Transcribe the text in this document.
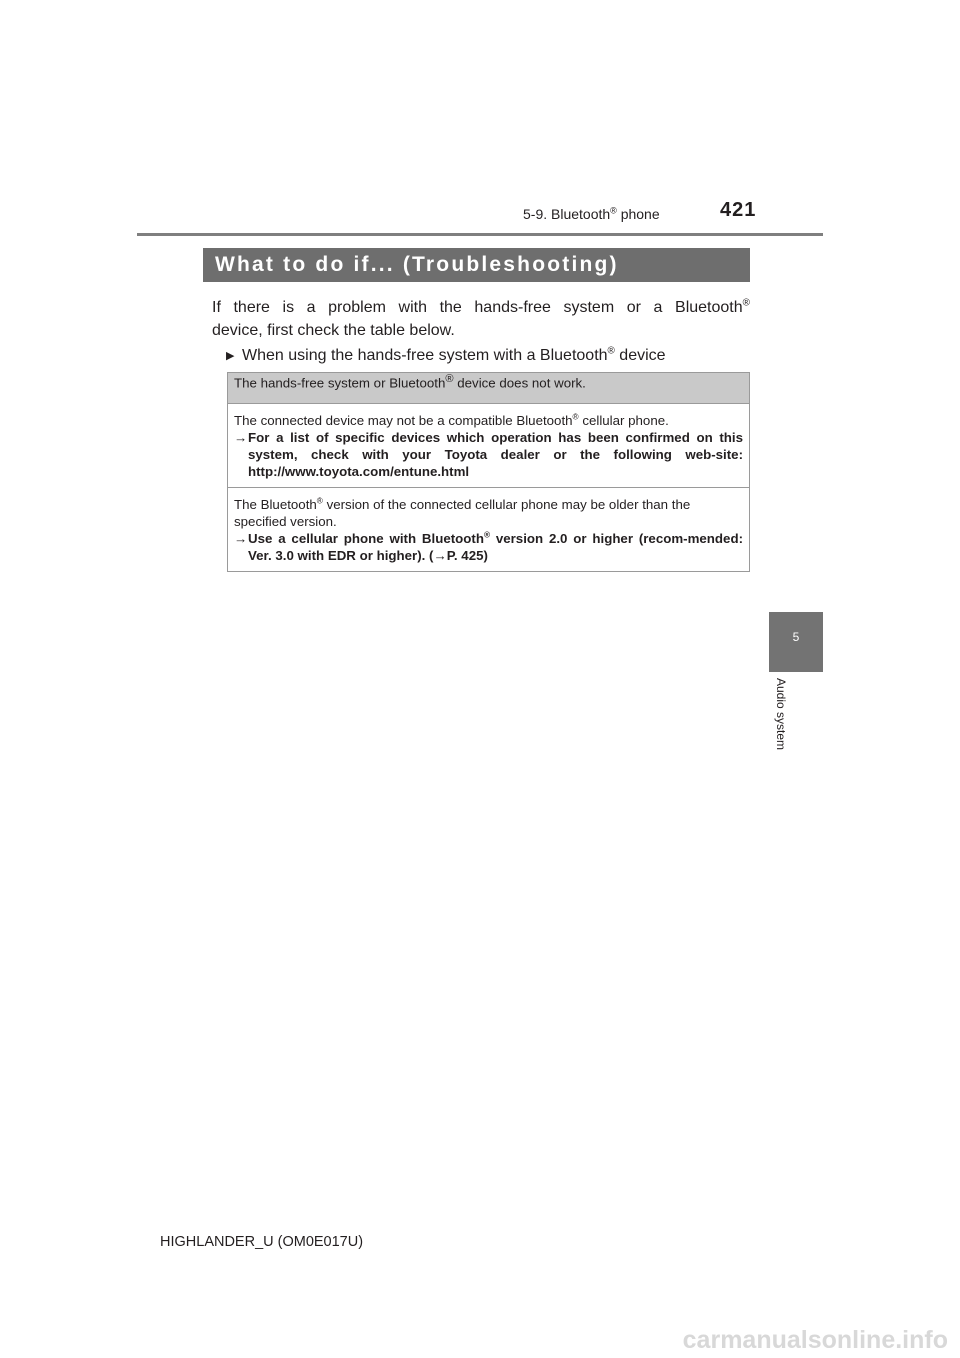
5-9. Bluetooth® phone	421
What to do if... (Troubleshooting)
If there is a problem with the hands-free system or a Bluetooth®
device, first check the table below.
▶ When using the hands-free system with a Bluetooth® device
The hands-free system or Bluetooth® device does not work.

The connected device may not be a compatible Bluetooth® cellular phone.
→ For a list of specific devices which operation has been confirmed on this system, check with your Toyota dealer or the following web-site: http://www.toyota.com/entune.html

The Bluetooth® version of the connected cellular phone may be older than the specified version.
→ Use a cellular phone with Bluetooth® version 2.0 or higher (recom-mended: Ver. 3.0 with EDR or higher). (→P. 425)
5
Audio system
HIGHLANDER_U (OM0E017U)
carmanualsonline.info
